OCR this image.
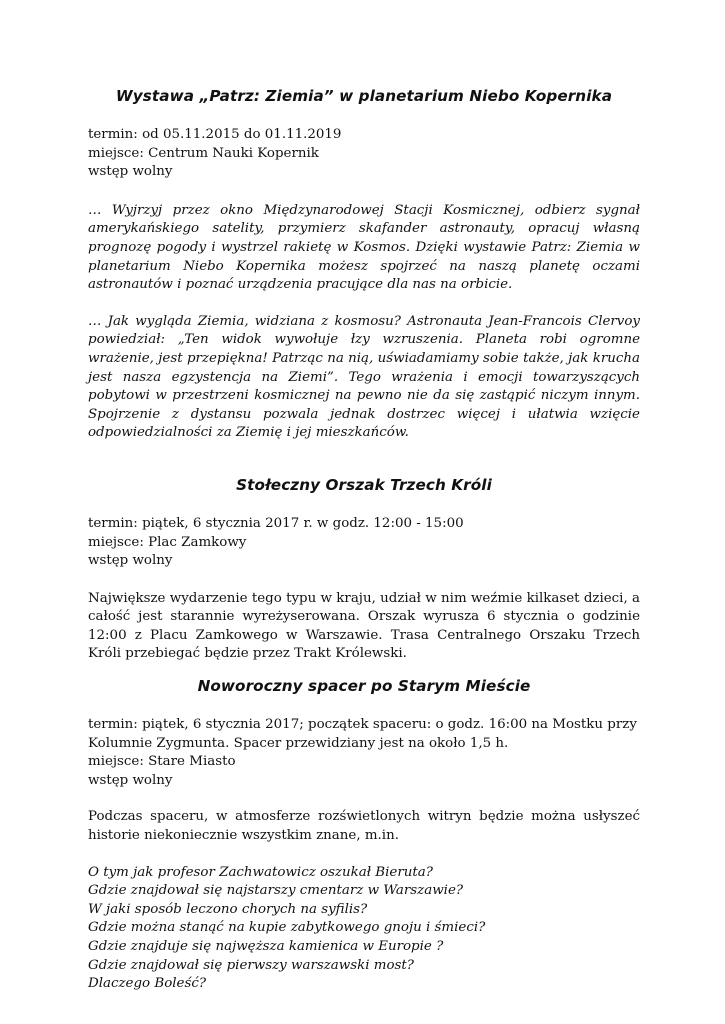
Wystawa „Patrz: Ziemia” w planetarium Niebo Kopernika

termin: od 05.11.2015 do 01.11.2019

miejsce: Centrum Nauki Kopernik

wstęp wolny

… Wyjrzyj przez okno Międzynarodowej Stacji Kosmicznej, odbierz sygnał amerykańskiego satelity, przymierz skafander astronauty, opracuj własną prognozę pogody i wystrzel rakietę w Kosmos. Dzięki wystawie Patrz: Ziemia w planetarium Niebo Kopernika możesz spojrzeć na naszą planetę oczami astronautów i poznać urządzenia pracujące dla nas na orbicie.

… Jak wygląda Ziemia, widziana z kosmosu? Astronauta Jean-Francois Clervoy powiedział: „Ten widok wywołuje łzy wzruszenia. Planeta robi ogromne wrażenie, jest przepiękna! Patrząc na nią, uświadamiamy sobie także, jak krucha jest nasza egzystencja na Ziemi”. Tego wrażenia i emocji towarzyszących pobytowi w przestrzeni kosmicznej na pewno nie da się zastąpić niczym innym. Spojrzenie z dystansu pozwala jednak dostrzec więcej i ułatwia wzięcie odpowiedzialności za Ziemię i jej mieszkańców.

Stołeczny Orszak Trzech Króli

termin: piątek, 6 stycznia 2017 r. w godz. 12:00 - 15:00

miejsce: Plac Zamkowy

wstęp wolny

Największe wydarzenie tego typu w kraju, udział w nim weźmie kilkaset dzieci, a całość jest starannie wyreżyserowana. Orszak wyrusza 6 stycznia o godzinie 12:00 z Placu Zamkowego w Warszawie. Trasa Centralnego Orszaku Trzech Króli przebiegać będzie przez Trakt Królewski.

Noworoczny spacer po Starym Mieście

termin: piątek, 6 stycznia 2017; początek spaceru: o godz. 16:00 na Mostku przy Kolumnie Zygmunta. Spacer przewidziany jest na około 1,5 h.

miejsce: Stare Miasto

wstęp wolny

Podczas spaceru, w atmosferze rozświetlonych witryn będzie można usłyszeć historie niekoniecznie wszystkim znane, m.in.

O tym jak profesor Zachwatowicz oszukał Bieruta?

Gdzie znajdował się najstarszy cmentarz w Warszawie?

W jaki sposób leczono chorych na syfilis?

Gdzie można stanąć na kupie zabytkowego gnoju i śmieci?

Gdzie znajduje się najwęższa kamienica w Europie ?

Gdzie znajdował się pierwszy warszawski most?

Dlaczego Boleść?
